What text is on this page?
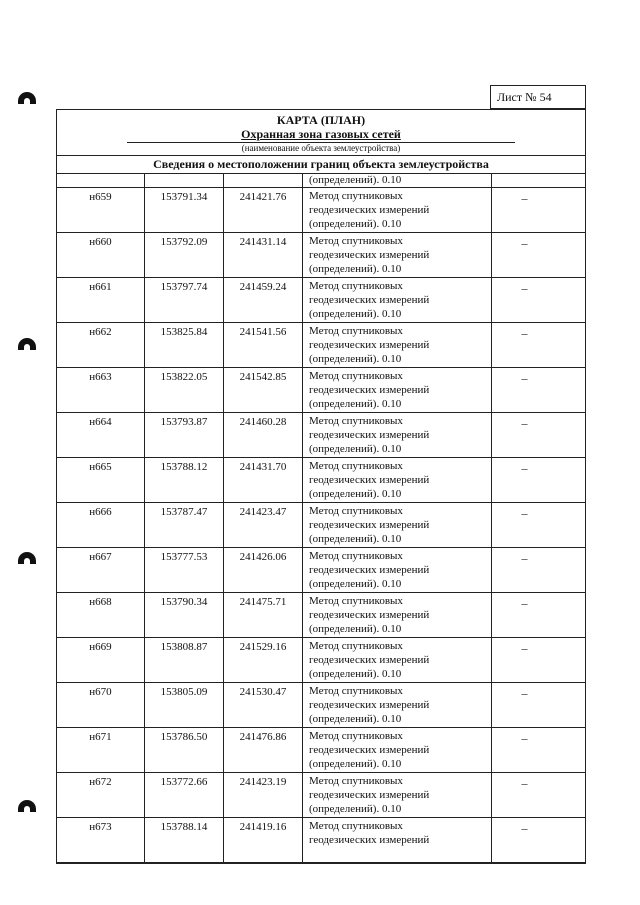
Лист № 54
КАРТА (ПЛАН)
Охранная зона газовых сетей
(наименование объекта землеустройства)
Сведения о местоположении границ объекта землеустройства
			(определений). 0.10	
н659	153791.34	241421.76	Метод спутниковых
геодезических измерений
(определений). 0.10	–
н660	153792.09	241431.14	Метод спутниковых
геодезических измерений
(определений). 0.10	–
н661	153797.74	241459.24	Метод спутниковых
геодезических измерений
(определений). 0.10	–
н662	153825.84	241541.56	Метод спутниковых
геодезических измерений
(определений). 0.10	–
н663	153822.05	241542.85	Метод спутниковых
геодезических измерений
(определений). 0.10	–
н664	153793.87	241460.28	Метод спутниковых
геодезических измерений
(определений). 0.10	–
н665	153788.12	241431.70	Метод спутниковых
геодезических измерений
(определений). 0.10	–
н666	153787.47	241423.47	Метод спутниковых
геодезических измерений
(определений). 0.10	–
н667	153777.53	241426.06	Метод спутниковых
геодезических измерений
(определений). 0.10	–
н668	153790.34	241475.71	Метод спутниковых
геодезических измерений
(определений). 0.10	–
н669	153808.87	241529.16	Метод спутниковых
геодезических измерений
(определений). 0.10	–
н670	153805.09	241530.47	Метод спутниковых
геодезических измерений
(определений). 0.10	–
н671	153786.50	241476.86	Метод спутниковых
геодезических измерений
(определений). 0.10	–
н672	153772.66	241423.19	Метод спутниковых
геодезических измерений
(определений). 0.10	–
н673	153788.14	241419.16	Метод спутниковых
геодезических измерений	–
